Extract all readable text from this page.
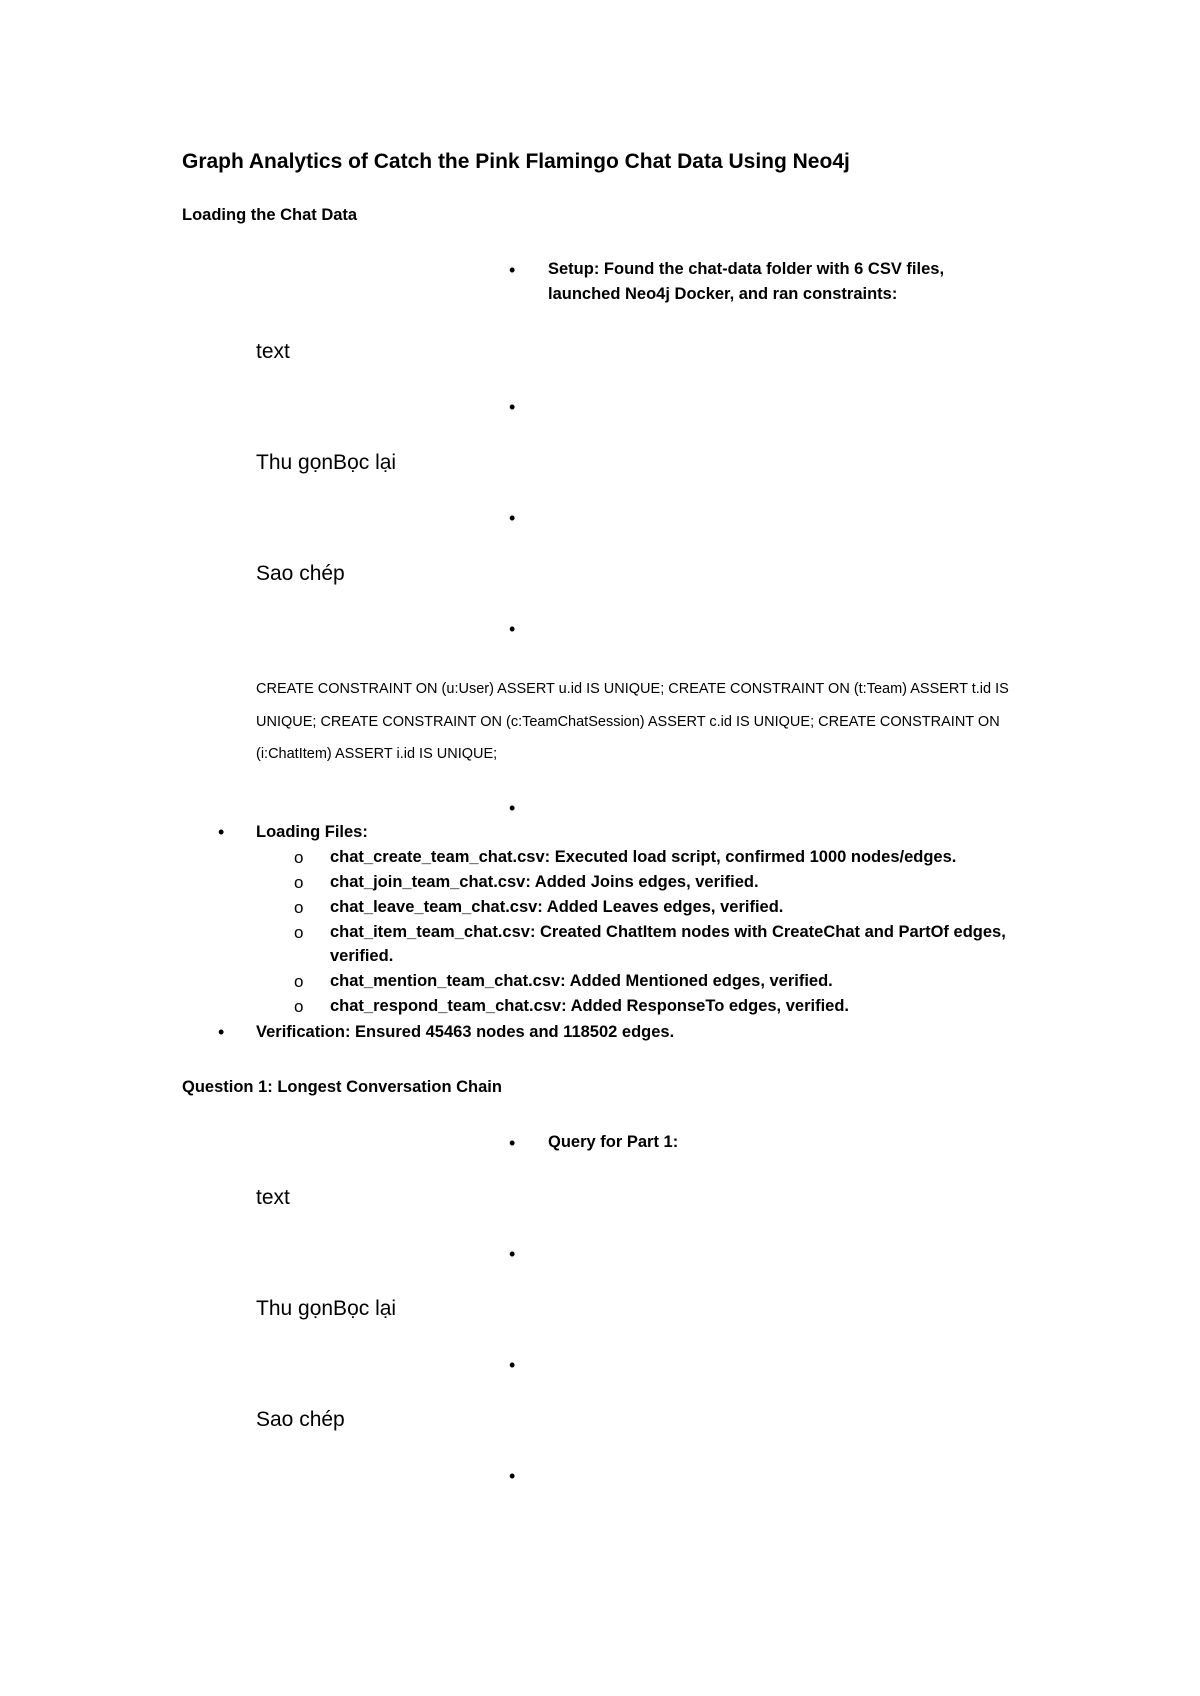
Graph Analytics of Catch the Pink Flamingo Chat Data Using Neo4j
Loading the Chat Data
• Setup: Found the chat-data folder with 6 CSV files,
launched Neo4j Docker, and ran constraints:
text
•
Thu gọnBọc lại
•
Sao chép
•
CREATE CONSTRAINT ON (u:User) ASSERT u.id IS UNIQUE; CREATE CONSTRAINT ON (t:Team) ASSERT t.id IS UNIQUE; CREATE CONSTRAINT ON (c:TeamChatSession) ASSERT c.id IS UNIQUE; CREATE CONSTRAINT ON (i:ChatItem) ASSERT i.id IS UNIQUE;
•
• Loading Files:
o chat_create_team_chat.csv: Executed load script, confirmed 1000 nodes/edges.
o chat_join_team_chat.csv: Added Joins edges, verified.
o chat_leave_team_chat.csv: Added Leaves edges, verified.
o chat_item_team_chat.csv: Created ChatItem nodes with CreateChat and PartOf edges, verified.
o chat_mention_team_chat.csv: Added Mentioned edges, verified.
o chat_respond_team_chat.csv: Added ResponseTo edges, verified.
• Verification: Ensured 45463 nodes and 118502 edges.
Question 1: Longest Conversation Chain
• Query for Part 1:
text
•
Thu gọnBọc lại
•
Sao chép
•
